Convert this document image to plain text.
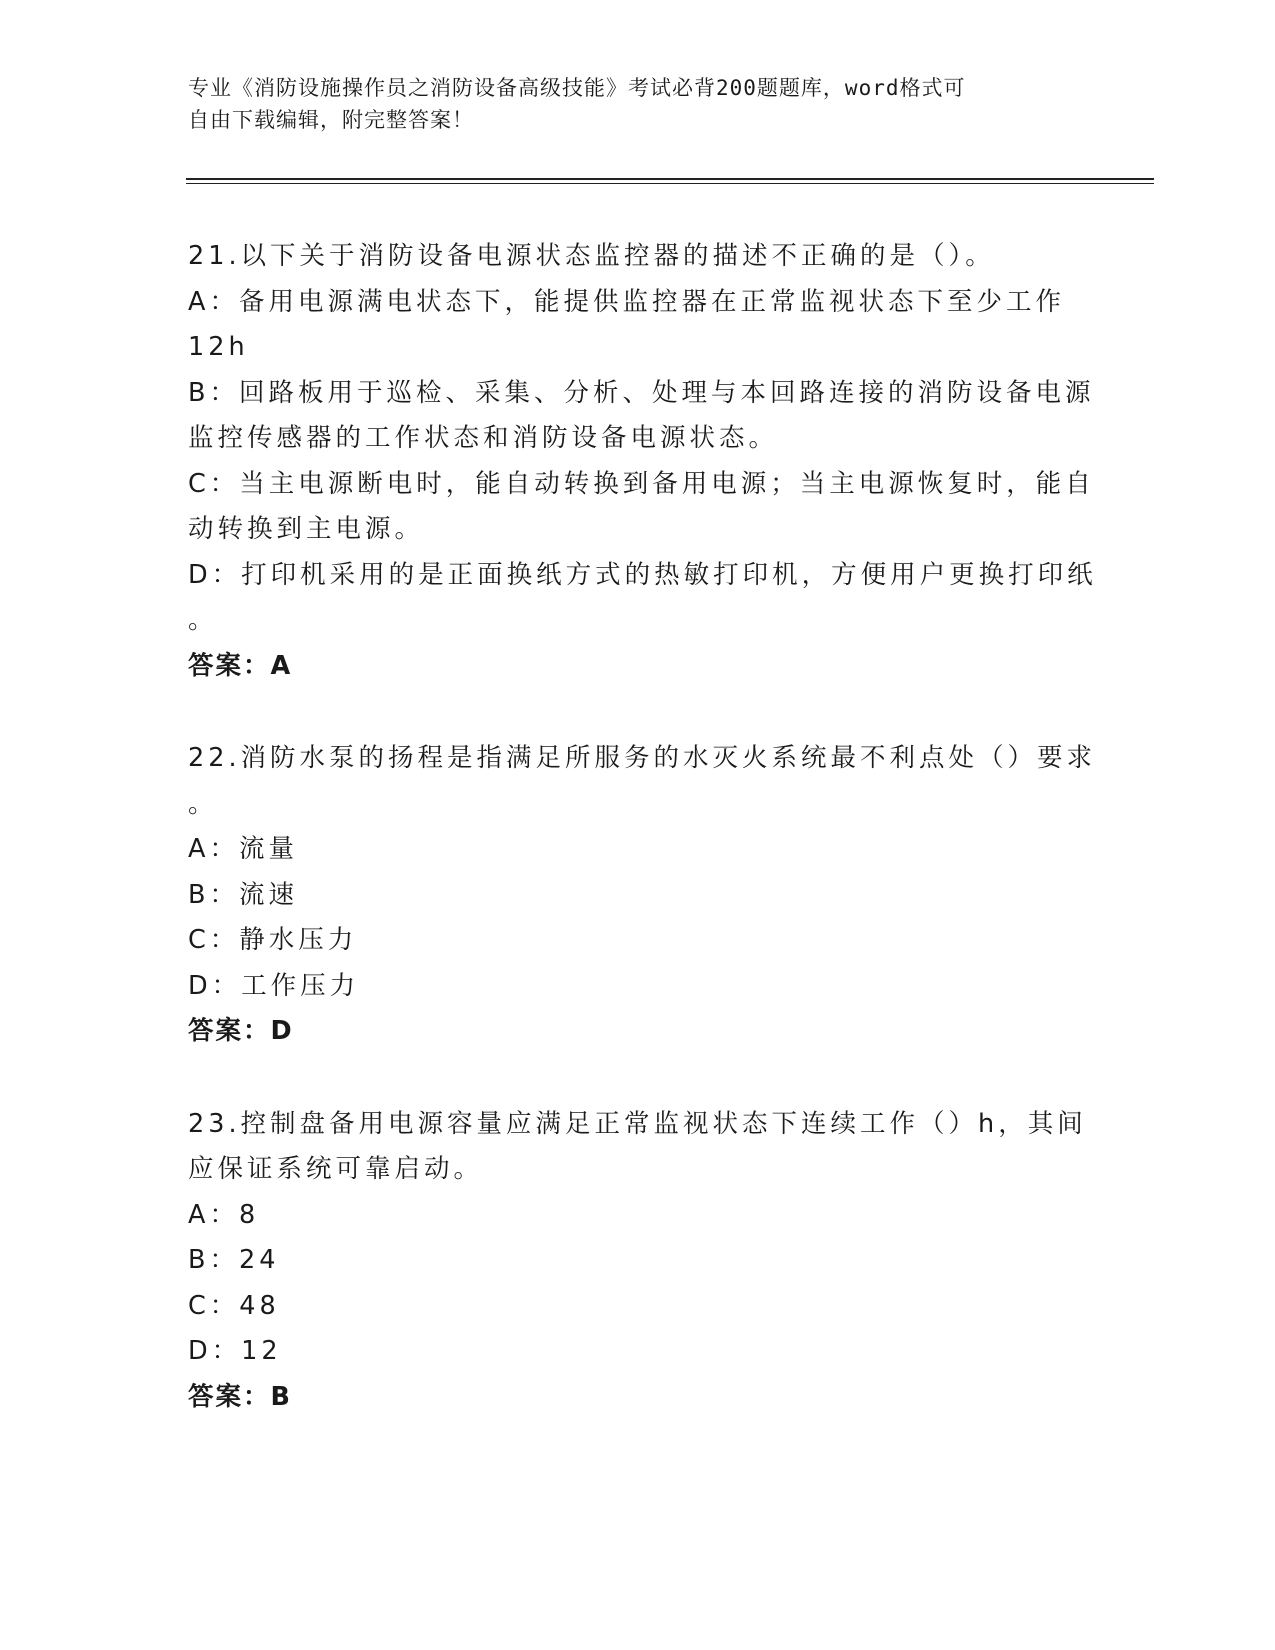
专业《消防设施操作员之消防设备高级技能》考试必背200题题库，word格式可
自由下载编辑，附完整答案！
21.以下关于消防设备电源状态监控器的描述不正确的是（）。
A：备用电源满电状态下，能提供监控器在正常监视状态下至少工作
12h
B：回路板用于巡检、采集、分析、处理与本回路连接的消防设备电源
监控传感器的工作状态和消防设备电源状态。
C：当主电源断电时，能自动转换到备用电源；当主电源恢复时，能自
动转换到主电源。
D：打印机采用的是正面换纸方式的热敏打印机，方便用户更换打印纸
。
答案：A
22.消防水泵的扬程是指满足所服务的水灭火系统最不利点处（）要求
。
A：流量
B：流速
C：静水压力
D：工作压力
答案：D
23.控制盘备用电源容量应满足正常监视状态下连续工作（）h，其间
应保证系统可靠启动。
A：8
B：24
C：48
D：12
答案：B
